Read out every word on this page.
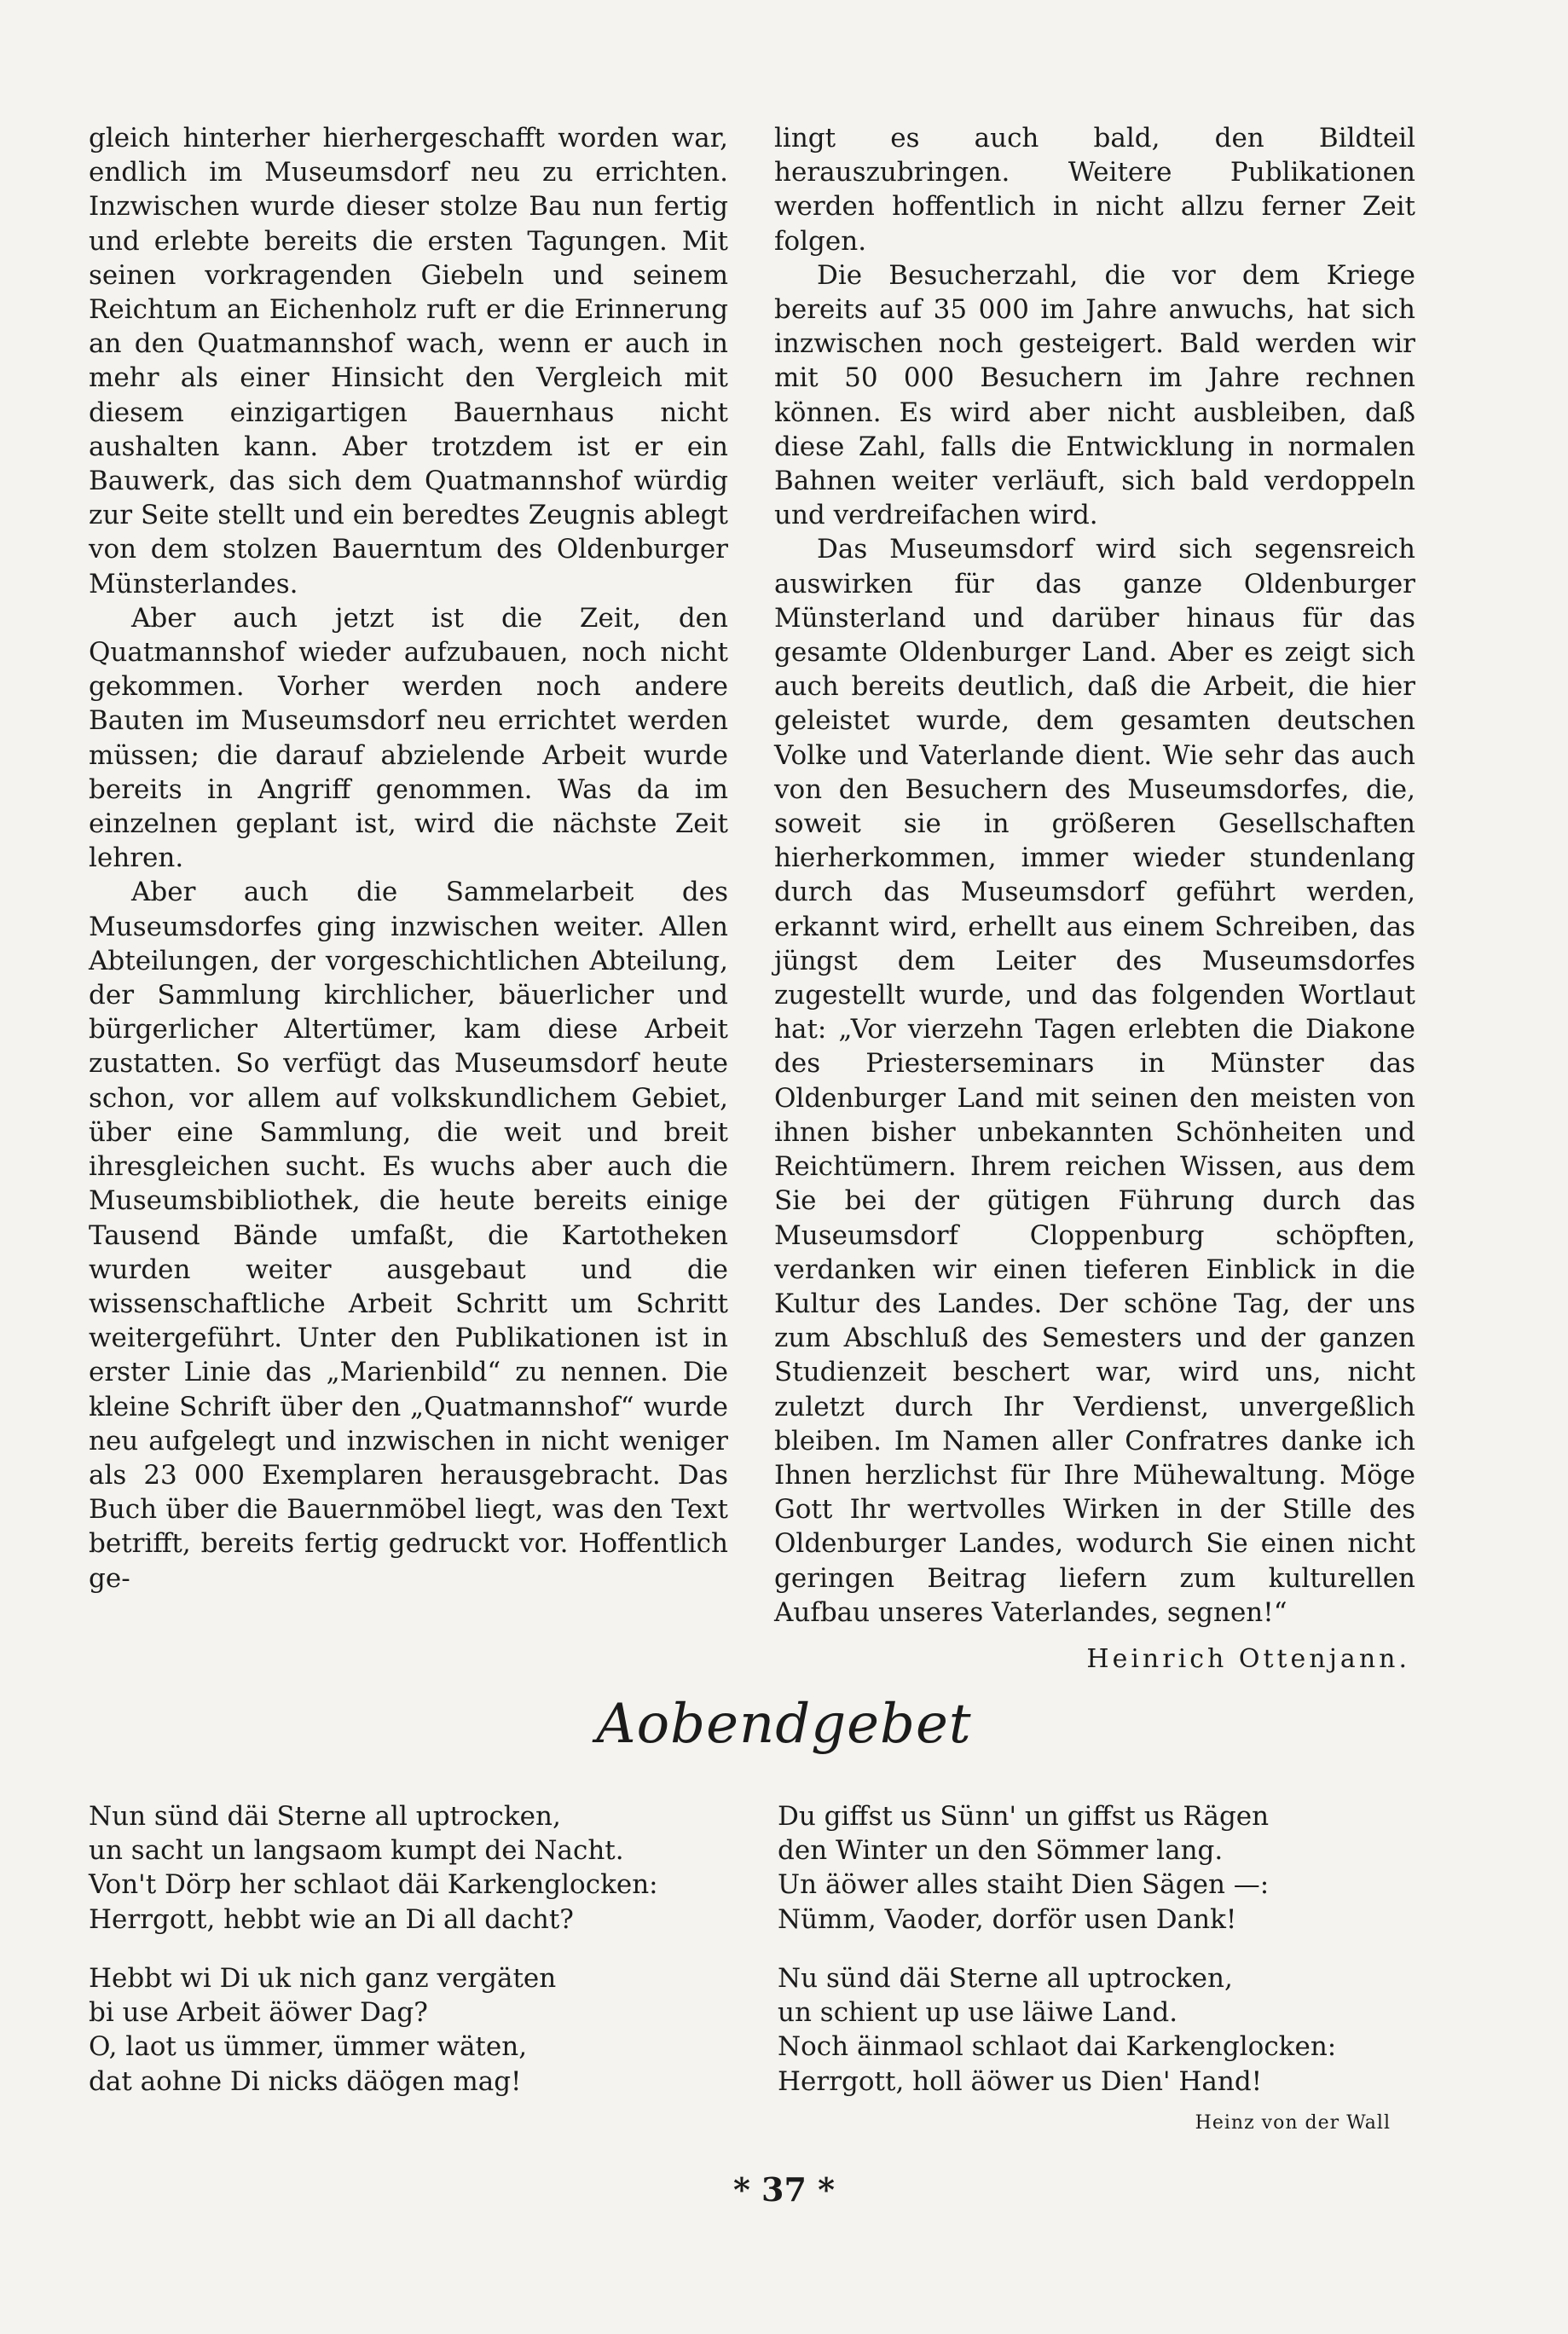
gleich hinterher hierhergeschafft worden war, endlich im Museumsdorf neu zu errichten. Inzwischen wurde dieser stolze Bau nun fertig und erlebte bereits die ersten Tagungen. Mit seinen vorkragenden Giebeln und seinem Reichtum an Eichenholz ruft er die Erinnerung an den Quatmannshof wach, wenn er auch in mehr als einer Hinsicht den Vergleich mit diesem einzigartigen Bauernhaus nicht aushalten kann. Aber trotzdem ist er ein Bauwerk, das sich dem Quatmannshof würdig zur Seite stellt und ein beredtes Zeugnis ablegt von dem stolzen Bauerntum des Oldenburger Münsterlandes.

Aber auch jetzt ist die Zeit, den Quatmannshof wieder aufzubauen, noch nicht gekommen. Vorher werden noch andere Bauten im Museumsdorf neu errichtet werden müssen; die darauf abzielende Arbeit wurde bereits in Angriff genommen. Was da im einzelnen geplant ist, wird die nächste Zeit lehren.

Aber auch die Sammelarbeit des Museumsdorfes ging inzwischen weiter. Allen Abteilungen, der vorgeschichtlichen Abteilung, der Sammlung kirchlicher, bäuerlicher und bürgerlicher Altertümer, kam diese Arbeit zustatten. So verfügt das Museumsdorf heute schon, vor allem auf volkskundlichem Gebiet, über eine Sammlung, die weit und breit ihresgleichen sucht. Es wuchs aber auch die Museumsbibliothek, die heute bereits einige Tausend Bände umfaßt, die Kartotheken wurden weiter ausgebaut und die wissenschaftliche Arbeit Schritt um Schritt weitergeführt. Unter den Publikationen ist in erster Linie das „Marienbild“ zu nennen. Die kleine Schrift über den „Quatmannshof“ wurde neu aufgelegt und inzwischen in nicht weniger als 23 000 Exemplaren herausgebracht. Das Buch über die Bauernmöbel liegt, was den Text betrifft, bereits fertig gedruckt vor. Hoffentlich ge-

lingt es auch bald, den Bildteil herauszubringen. Weitere Publikationen werden hoffentlich in nicht allzu ferner Zeit folgen.

Die Besucherzahl, die vor dem Kriege bereits auf 35 000 im Jahre anwuchs, hat sich inzwischen noch gesteigert. Bald werden wir mit 50 000 Besuchern im Jahre rechnen können. Es wird aber nicht ausbleiben, daß diese Zahl, falls die Entwicklung in normalen Bahnen weiter verläuft, sich bald verdoppeln und verdreifachen wird.

Das Museumsdorf wird sich segensreich auswirken für das ganze Oldenburger Münsterland und darüber hinaus für das gesamte Oldenburger Land. Aber es zeigt sich auch bereits deutlich, daß die Arbeit, die hier geleistet wurde, dem gesamten deutschen Volke und Vaterlande dient. Wie sehr das auch von den Besuchern des Museumsdorfes, die, soweit sie in größeren Gesellschaften hierherkommen, immer wieder stundenlang durch das Museumsdorf geführt werden, erkannt wird, erhellt aus einem Schreiben, das jüngst dem Leiter des Museumsdorfes zugestellt wurde, und das folgenden Wortlaut hat: „Vor vierzehn Tagen erlebten die Diakone des Priesterseminars in Münster das Oldenburger Land mit seinen den meisten von ihnen bisher unbekannten Schönheiten und Reichtümern. Ihrem reichen Wissen, aus dem Sie bei der gütigen Führung durch das Museumsdorf Cloppenburg schöpften, verdanken wir einen tieferen Einblick in die Kultur des Landes. Der schöne Tag, der uns zum Abschluß des Semesters und der ganzen Studienzeit beschert war, wird uns, nicht zuletzt durch Ihr Verdienst, unvergeßlich bleiben. Im Namen aller Confratres danke ich Ihnen herzlichst für Ihre Mühewaltung. Möge Gott Ihr wertvolles Wirken in der Stille des Oldenburger Landes, wodurch Sie einen nicht geringen Beitrag liefern zum kulturellen Aufbau unseres Vaterlandes, segnen!“

Heinrich Ottenjann.
Aobendgebet
Nun sünd däi Sterne all uptrocken,
un sacht un langsaom kumpt dei Nacht.
Von't Dörp her schlaot däi Karkenglocken:
Herrgott, hebbt wie an Di all dacht?
Hebbt wi Di uk nich ganz vergäten
bi use Arbeit äöwer Dag?
O, laot us ümmer, ümmer wäten,
dat aohne Di nicks däögen mag!
Du giffst us Sünn' un giffst us Rägen
den Winter un den Sömmer lang.
Un äöwer alles staiht Dien Sägen —:
Nümm, Vaoder, dorför usen Dank!
Nu sünd däi Sterne all uptrocken,
un schient up use läiwe Land.
Noch äinmaol schlaot dai Karkenglocken:
Herrgott, holl äöwer us Dien' Hand!
Heinz von der Wall
* 37 *
